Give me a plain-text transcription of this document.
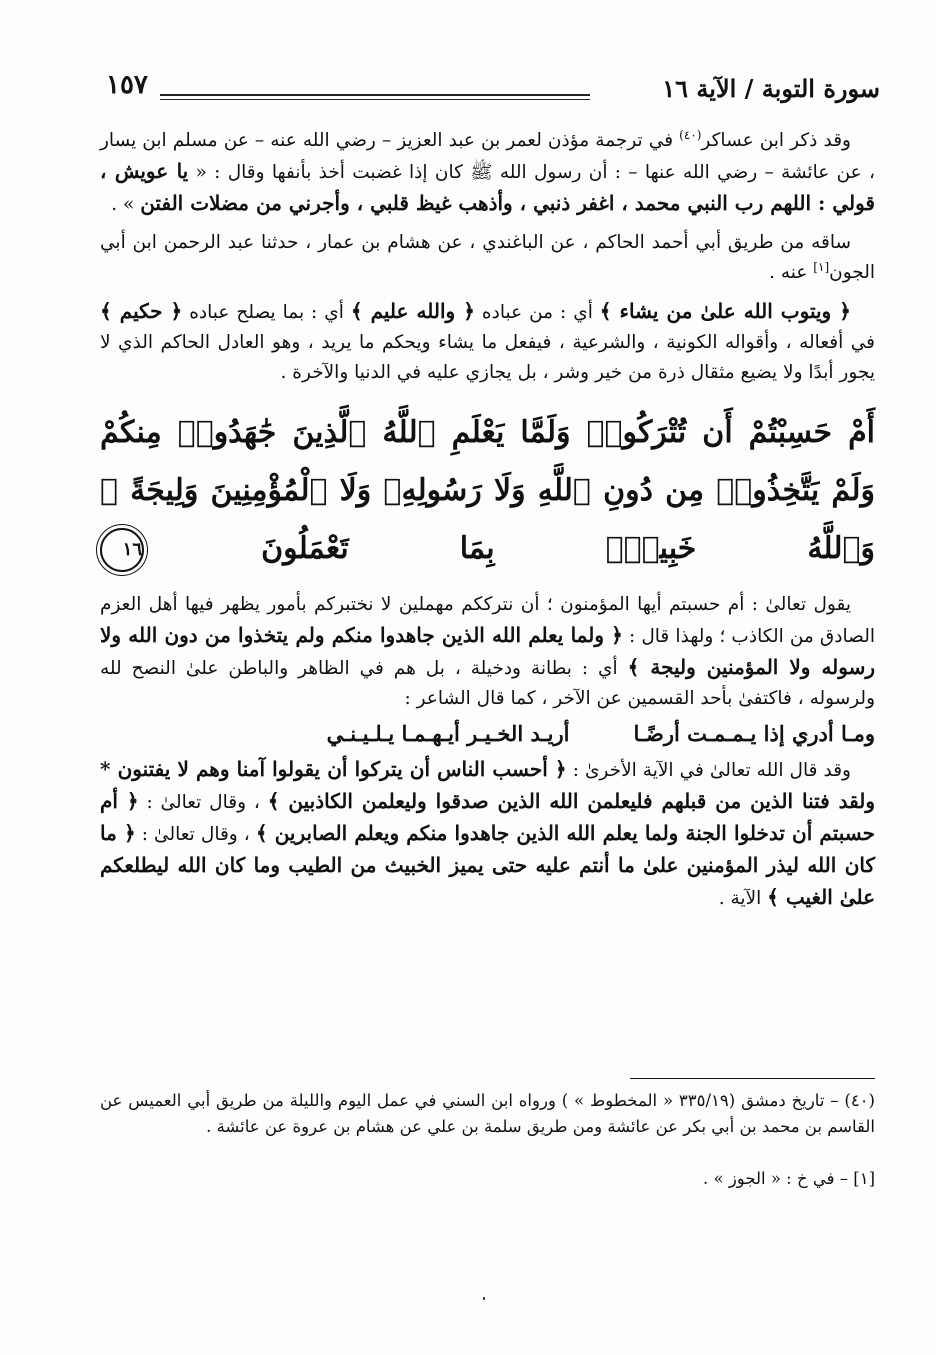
سورة التوبة / الآية ١٦
١٥٧

وقد ذكر ابن عساكر$^{(٤٠)}$ في ترجمة مؤذن لعمر بن عبد العزيز – رضي الله عنه – عن مسلم ابن يسار ، عن عائشة – رضي الله عنها – : أن رسول الله ﷺ كان إذا غضبت أخذ بأنفها وقال : « يا عويش ، قولي : اللهم رب النبي محمد ، اغفر ذنبي ، وأذهب غيظ قلبي ، وأجرني من مضلات الفتن » .

ساقه من طريق أبي أحمد الحاكم ، عن الباغندي ، عن هشام بن عمار ، حدثنا عبد الرحمن ابن أبي الجون[١] عنه .

﴿ ويتوب الله علىٰ من يشاء ﴾ أي : من عباده ﴿ والله عليم ﴾ أي : بما يصلح عباده ﴿ حكيم ﴾ في أفعاله ، وأقواله الكونية ، والشرعية ، فيفعل ما يشاء ويحكم ما يريد ، وهو العادل الحاكم الذي لا يجور أبدًا ولا يضيع مثقال ذرة من خير وشر ، بل يجازي عليه في الدنيا والآخرة .

أَمْ حَسِبْتُمْ أَن تُتْرَكُوا۟ وَلَمَّا يَعْلَمِ ٱللَّهُ ٱلَّذِينَ جَٰهَدُوا۟ مِنكُمْ وَلَمْ يَتَّخِذُوا۟ مِن دُونِ ٱللَّهِ وَلَا رَسُولِهِۦ وَلَا ٱلْمُؤْمِنِينَ وَلِيجَةً ۚ وَٱللَّهُ خَبِيرٌۢ بِمَا تَعْمَلُونَ ١٦

يقول تعالىٰ : أم حسبتم أيها المؤمنون ؛ أن نترككم مهملين لا نختبركم بأمور يظهر فيها أهل العزم الصادق من الكاذب ؛ ولهذا قال : ﴿ ولما يعلم الله الذين جاهدوا منكم ولم يتخذوا من دون الله ولا رسوله ولا المؤمنين وليجة ﴾ أي : بطانة ودخيلة ، بل هم في الظاهر والباطن علىٰ النصح لله ولرسوله ، فاكتفىٰ بأحد القسمين عن الآخر ، كما قال الشاعر :

ومـا أدري إذا يـمـمـت أرضًـا
أريـد الخـيـر أيـهـمـا يـلـيـنـي

وقد قال الله تعالىٰ في الآية الأخرىٰ : ﴿ أحسب الناس أن يتركوا أن يقولوا آمنا وهم لا يفتنون * ولقد فتنا الذين من قبلهم فليعلمن الله الذين صدقوا وليعلمن الكاذبين ﴾ ، وقال تعالىٰ : ﴿ أم حسبتم أن تدخلوا الجنة ولما يعلم الله الذين جاهدوا منكم ويعلم الصابرين ﴾ ، وقال تعالىٰ : ﴿ ما كان الله ليذر المؤمنين علىٰ ما أنتم عليه حتى يميز الخبيث من الطيب وما كان الله ليطلعكم علىٰ الغيب ﴾ الآية .

(٤٠) – تاريخ دمشق (٣٣٥/١٩ « المخطوط » ) ورواه ابن السني في عمل اليوم والليلة من طريق أبي العميس عن القاسم بن محمد بن أبي بكر عن عائشة ومن طريق سلمة بن علي عن هشام بن عروة عن عائشة .

[١] – في خ : « الجوز » .
